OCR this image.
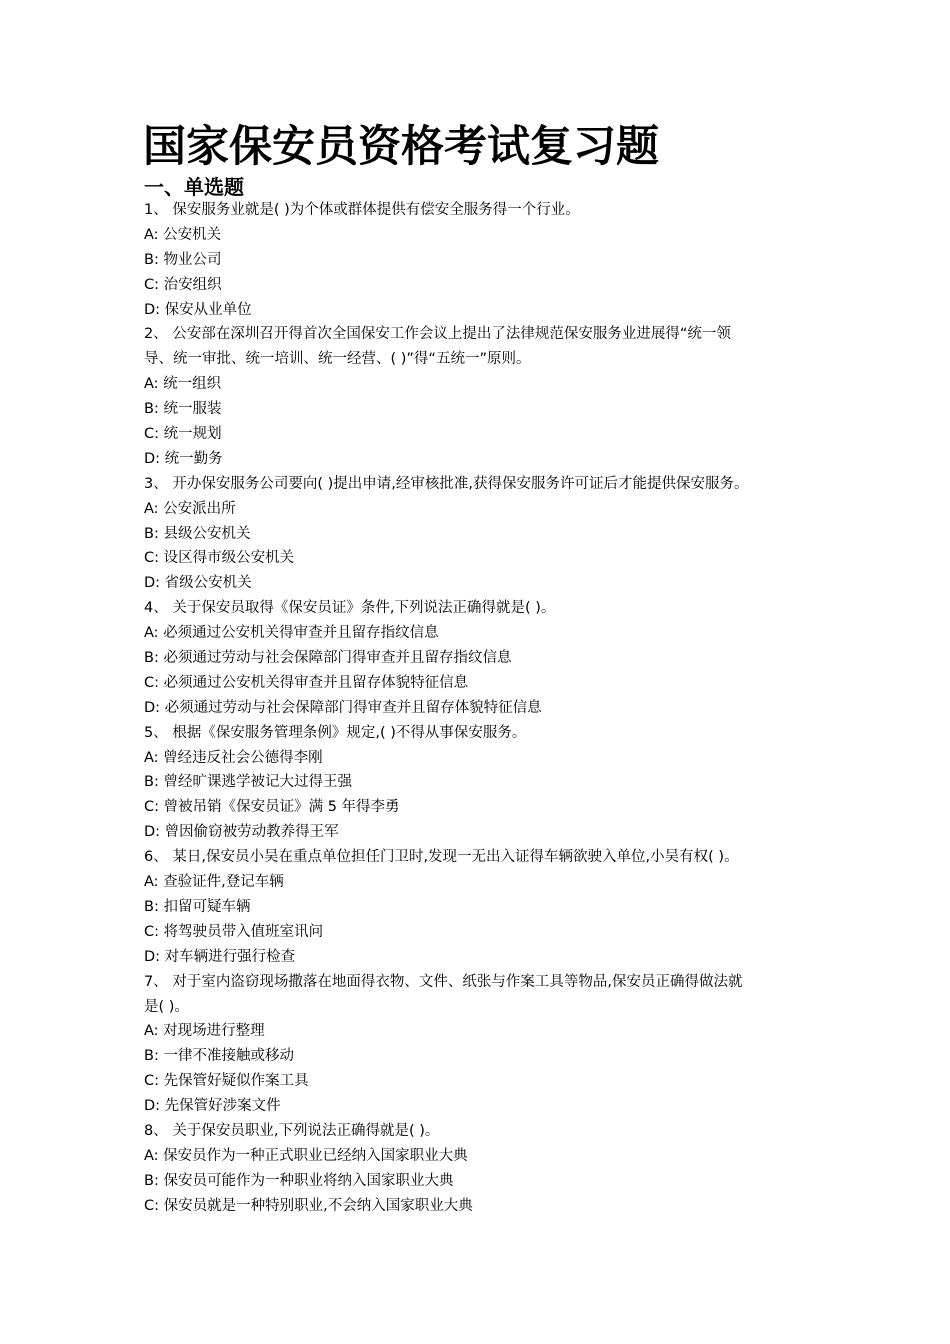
国家保安员资格考试复习题
一、单选题
1、 保安服务业就是( )为个体或群体提供有偿安全服务得一个行业。
A: 公安机关
B: 物业公司
C: 治安组织
D: 保安从业单位
2、 公安部在深圳召开得首次全国保安工作会议上提出了法律规范保安服务业进展得“统一领
导、统一审批、统一培训、统一经营、( )”得“五统一”原则。
A: 统一组织
B: 统一服装
C: 统一规划
D: 统一勤务
3、 开办保安服务公司要向( )提出申请,经审核批准,获得保安服务许可证后才能提供保安服务。
A: 公安派出所
B: 县级公安机关
C: 设区得市级公安机关
D: 省级公安机关
4、 关于保安员取得《保安员证》条件,下列说法正确得就是( )。
A: 必须通过公安机关得审查并且留存指纹信息
B: 必须通过劳动与社会保障部门得审查并且留存指纹信息
C: 必须通过公安机关得审查并且留存体貌特征信息
D: 必须通过劳动与社会保障部门得审查并且留存体貌特征信息
5、 根据《保安服务管理条例》规定,( )不得从事保安服务。
A: 曾经违反社会公德得李刚
B: 曾经旷课逃学被记大过得王强
C: 曾被吊销《保安员证》满 5 年得李勇
D: 曾因偷窃被劳动教养得王军
6、 某日,保安员小吴在重点单位担任门卫时,发现一无出入证得车辆欲驶入单位,小吴有权( )。
A: 查验证件,登记车辆
B: 扣留可疑车辆
C: 将驾驶员带入值班室讯问
D: 对车辆进行强行检查
7、 对于室内盗窃现场撒落在地面得衣物、文件、纸张与作案工具等物品,保安员正确得做法就
是( )。
A: 对现场进行整理
B: 一律不准接触或移动
C: 先保管好疑似作案工具
D: 先保管好涉案文件
8、 关于保安员职业,下列说法正确得就是( )。
A: 保安员作为一种正式职业已经纳入国家职业大典
B: 保安员可能作为一种职业将纳入国家职业大典
C: 保安员就是一种特别职业,不会纳入国家职业大典
